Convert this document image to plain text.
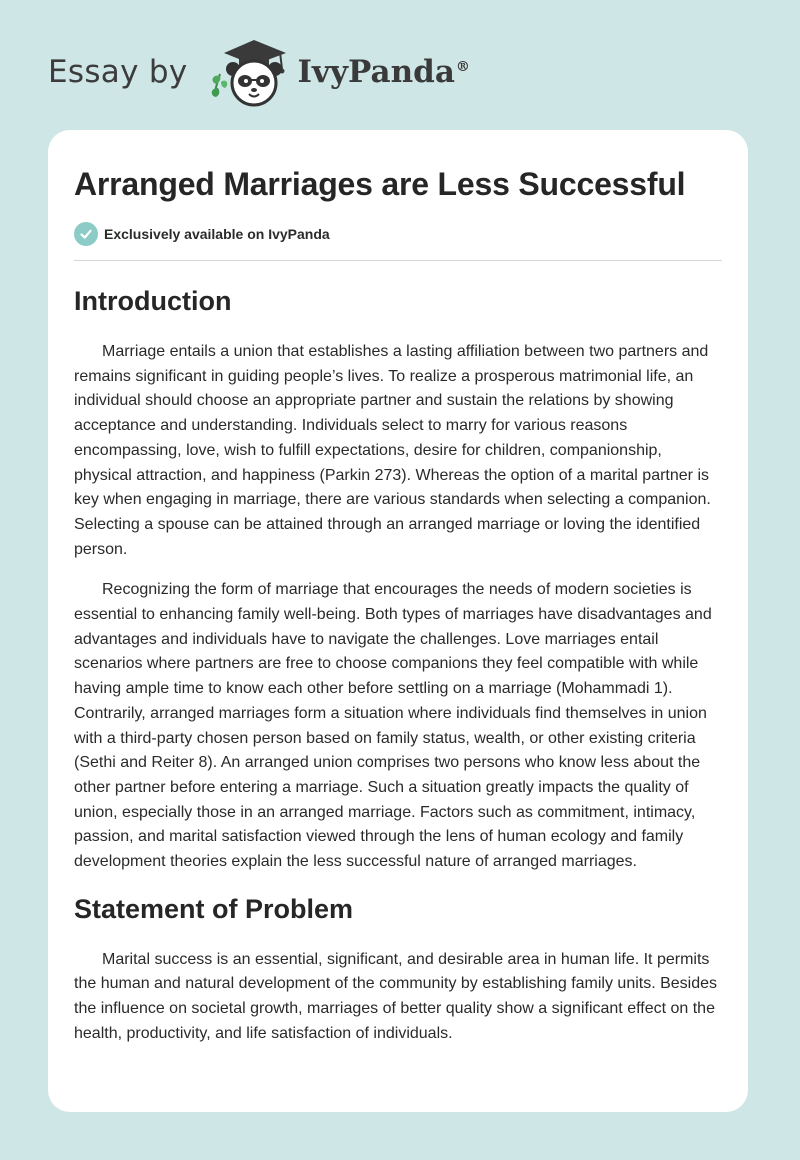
Essay by	IvyPanda®
Arranged Marriages are Less Successful
Exclusively available on IvyPanda
Introduction

Marriage entails a union that establishes a lasting affiliation between two partners and remains significant in guiding people’s lives. To realize a prosperous matrimonial life, an individual should choose an appropriate partner and sustain the relations by showing acceptance and understanding. Individuals select to marry for various reasons encompassing, love, wish to fulfill expectations, desire for children, companionship, physical attraction, and happiness (Parkin 273). Whereas the option of a marital partner is key when engaging in marriage, there are various standards when selecting a companion. Selecting a spouse can be attained through an arranged marriage or loving the identified person.

Recognizing the form of marriage that encourages the needs of modern societies is essential to enhancing family well-being. Both types of marriages have disadvantages and advantages and individuals have to navigate the challenges. Love marriages entail scenarios where partners are free to choose companions they feel compatible with while having ample time to know each other before settling on a marriage (Mohammadi 1). Contrarily, arranged marriages form a situation where individuals find themselves in union with a third-party chosen person based on family status, wealth, or other existing criteria (Sethi and Reiter 8). An arranged union comprises two persons who know less about the other partner before entering a marriage. Such a situation greatly impacts the quality of union, especially those in an arranged marriage. Factors such as commitment, intimacy, passion, and marital satisfaction viewed through the lens of human ecology and family development theories explain the less successful nature of arranged marriages.

Statement of Problem

Marital success is an essential, significant, and desirable area in human life. It permits the human and natural development of the community by establishing family units. Besides the influence on societal growth, marriages of better quality show a significant effect on the health, productivity, and life satisfaction of individuals.
